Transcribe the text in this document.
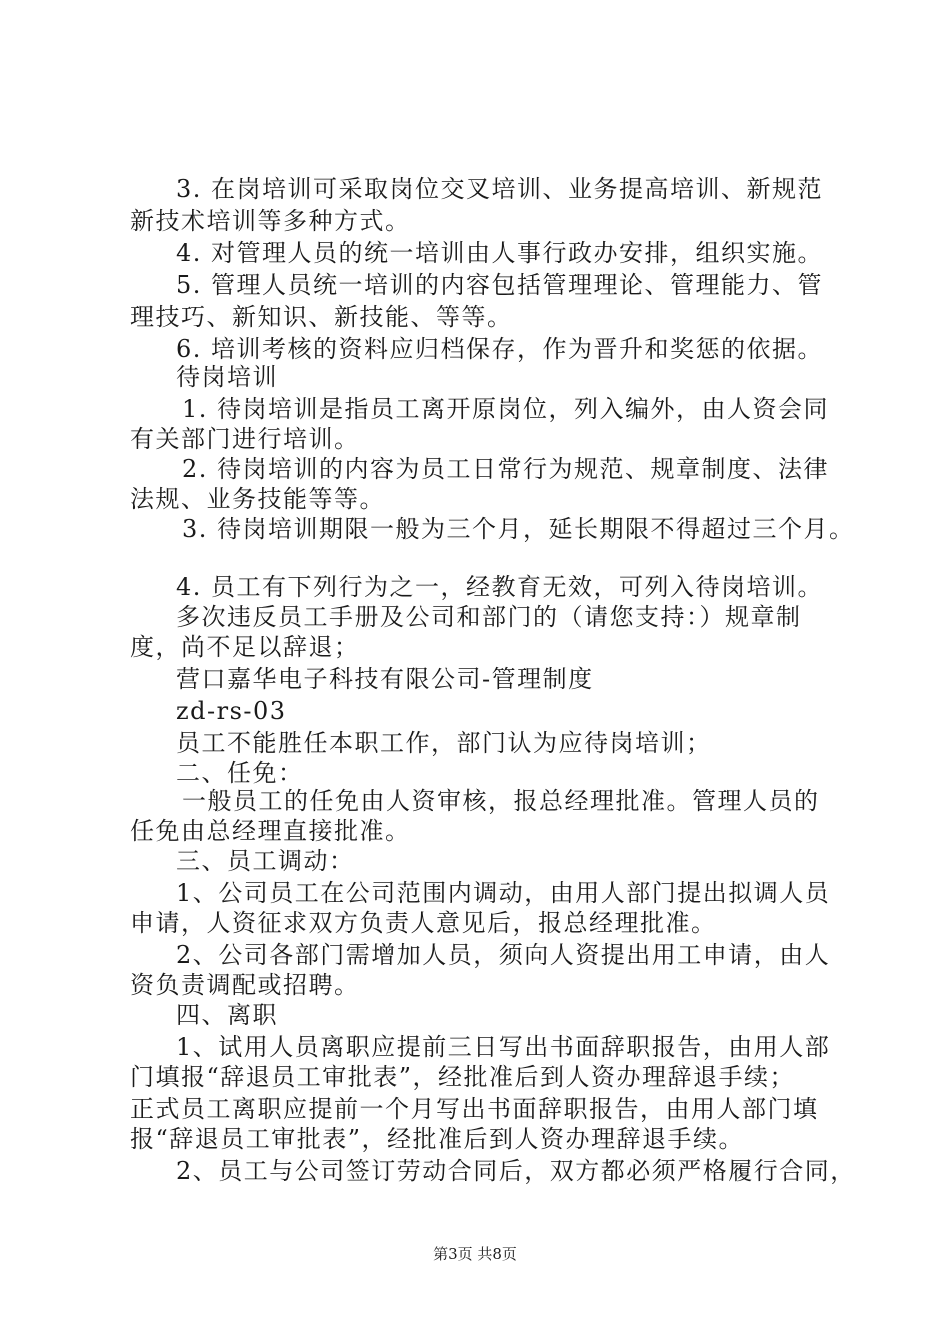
3. 在岗培训可采取岗位交叉培训、业务提高培训、新规范
新技术培训等多种方式。
4. 对管理人员的统一培训由人事行政办安排，组织实施。
5. 管理人员统一培训的内容包括管理理论、管理能力、管
理技巧、新知识、新技能、等等。
6. 培训考核的资料应归档保存，作为晋升和奖惩的依据。
待岗培训
1. 待岗培训是指员工离开原岗位，列入编外，由人资会同
有关部门进行培训。
2. 待岗培训的内容为员工日常行为规范、规章制度、法律
法规、业务技能等等。
3. 待岗培训期限一般为三个月，延长期限不得超过三个月。
4. 员工有下列行为之一，经教育无效，可列入待岗培训。
多次违反员工手册及公司和部门的（请您支持：）规章制
度，尚不足以辞退；
营口嘉华电子科技有限公司-管理制度
zd-rs-03
员工不能胜任本职工作，部门认为应待岗培训；
二、任免：
一般员工的任免由人资审核，报总经理批准。管理人员的
任免由总经理直接批准。
三、员工调动：
1、公司员工在公司范围内调动，由用人部门提出拟调人员
申请，人资征求双方负责人意见后，报总经理批准。
2、公司各部门需增加人员，须向人资提出用工申请，由人
资负责调配或招聘。
四、离职
1、试用人员离职应提前三日写出书面辞职报告，由用人部
门填报“辞退员工审批表”，经批准后到人资办理辞退手续；
正式员工离职应提前一个月写出书面辞职报告，由用人部门填
报“辞退员工审批表”，经批准后到人资办理辞退手续。
2、员工与公司签订劳动合同后，双方都必须严格履行合同，
第3页 共8页
